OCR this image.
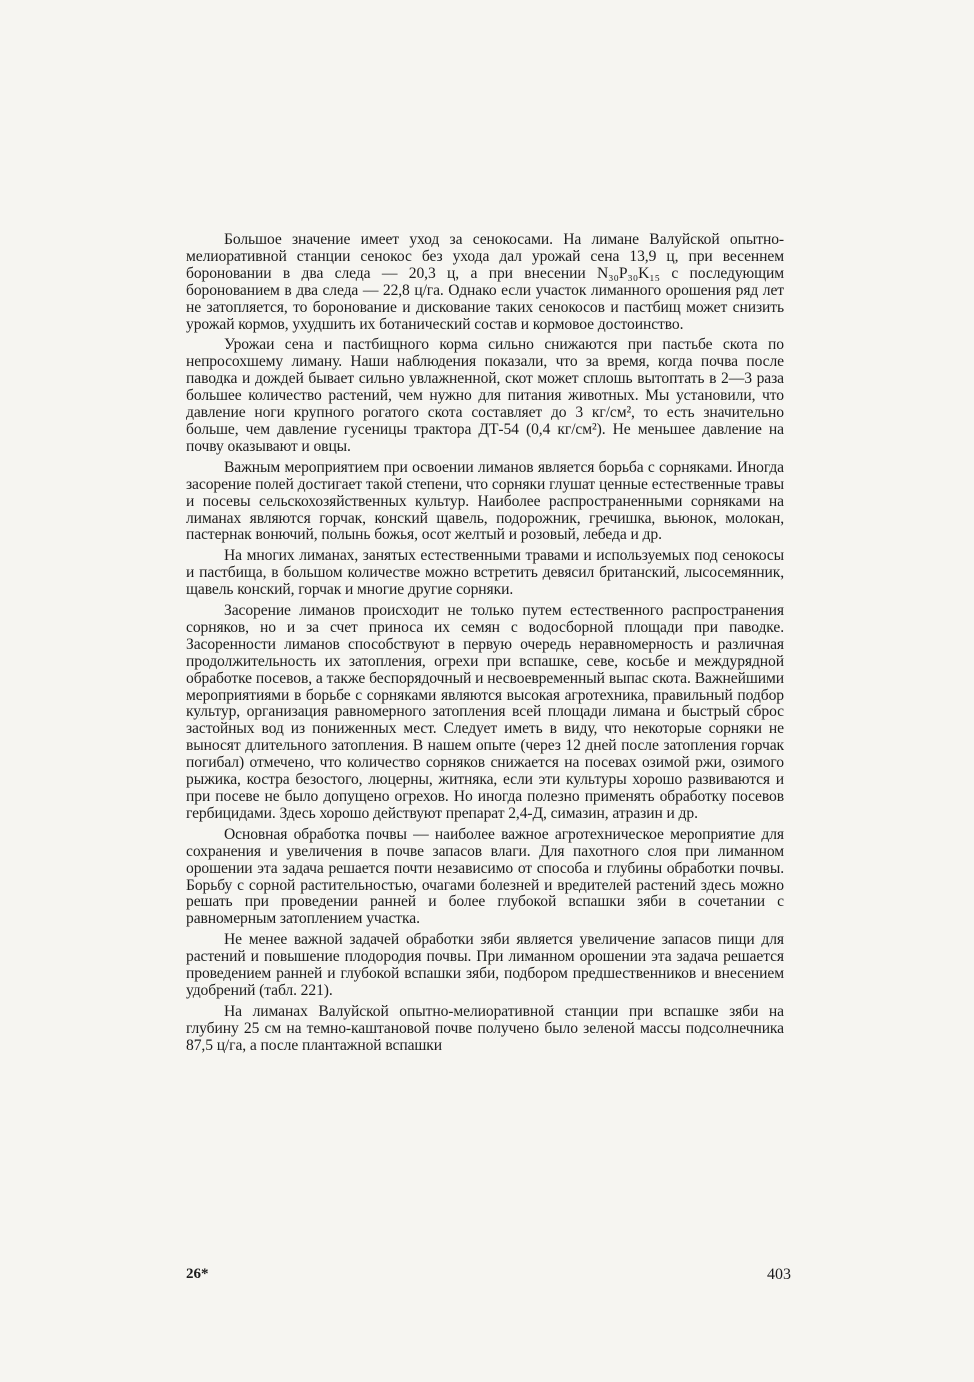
Большое значение имеет уход за сенокосами. На лимане Валуйской опытно-мелиоративной станции сенокос без ухода дал урожай сена 13,9 ц, при весеннем бороновании в два следа — 20,3 ц, а при внесении N₃₀P₃₀K₁₅ с последующим боронованием в два следа — 22,8 ц/га. Однако если участок лиманного орошения ряд лет не затопляется, то боронование и дискование таких сенокосов и пастбищ может снизить урожай кормов, ухудшить их ботанический состав и кормовое достоинство.

Урожаи сена и пастбищного корма сильно снижаются при пастьбе скота по непросохшему лиману. Наши наблюдения показали, что за время, когда почва после паводка и дождей бывает сильно увлажненной, скот может сплошь вытоптать в 2—3 раза большее количество растений, чем нужно для питания животных. Мы установили, что давление ноги крупного рогатого скота составляет до 3 кг/см², то есть значительно больше, чем давление гусеницы трактора ДТ-54 (0,4 кг/см²). Не меньшее давление на почву оказывают и овцы.

Важным мероприятием при освоении лиманов является борьба с сорняками. Иногда засорение полей достигает такой степени, что сорняки глушат ценные естественные травы и посевы сельскохозяйственных культур. Наиболее распространенными сорняками на лиманах являются горчак, конский щавель, подорожник, гречишка, вьюнок, молокан, пастернак вонючий, полынь божья, осот желтый и розовый, лебеда и др.

На многих лиманах, занятых естественными травами и используемых под сенокосы и пастбища, в большом количестве можно встретить девясил британский, лысосемянник, щавель конский, горчак и многие другие сорняки.

Засорение лиманов происходит не только путем естественного распространения сорняков, но и за счет приноса их семян с водосборной площади при паводке. Засоренности лиманов способствуют в первую очередь неравномерность и различная продолжительность их затопления, огрехи при вспашке, севе, косьбе и междурядной обработке посевов, а также беспорядочный и несвоевременный выпас скота. Важнейшими мероприятиями в борьбе с сорняками являются высокая агротехника, правильный подбор культур, организация равномерного затопления всей площади лимана и быстрый сброс застойных вод из пониженных мест. Следует иметь в виду, что некоторые сорняки не выносят длительного затопления. В нашем опыте (через 12 дней после затопления горчак погибал) отмечено, что количество сорняков снижается на посевах озимой ржи, озимого рыжика, костра безостого, люцерны, житняка, если эти культуры хорошо развиваются и при посеве не было допущено огрехов. Но иногда полезно применять обработку посевов гербицидами. Здесь хорошо действуют препарат 2,4-Д, симазин, атразин и др.

Основная обработка почвы — наиболее важное агротехническое мероприятие для сохранения и увеличения в почве запасов влаги. Для пахотного слоя при лиманном орошении эта задача решается почти независимо от способа и глубины обработки почвы. Борьбу с сорной растительностью, очагами болезней и вредителей растений здесь можно решать при проведении ранней и более глубокой вспашки зяби в сочетании с равномерным затоплением участка.

Не менее важной задачей обработки зяби является увеличение запасов пищи для растений и повышение плодородия почвы. При лиманном орошении эта задача решается проведением ранней и глубокой вспашки зяби, подбором предшественников и внесением удобрений (табл. 221).

На лиманах Валуйской опытно-мелиоративной станции при вспашке зяби на глубину 25 см на темно-каштановой почве получено было зеленой массы подсолнечника 87,5 ц/га, а после плантажной вспашки

26*	403
